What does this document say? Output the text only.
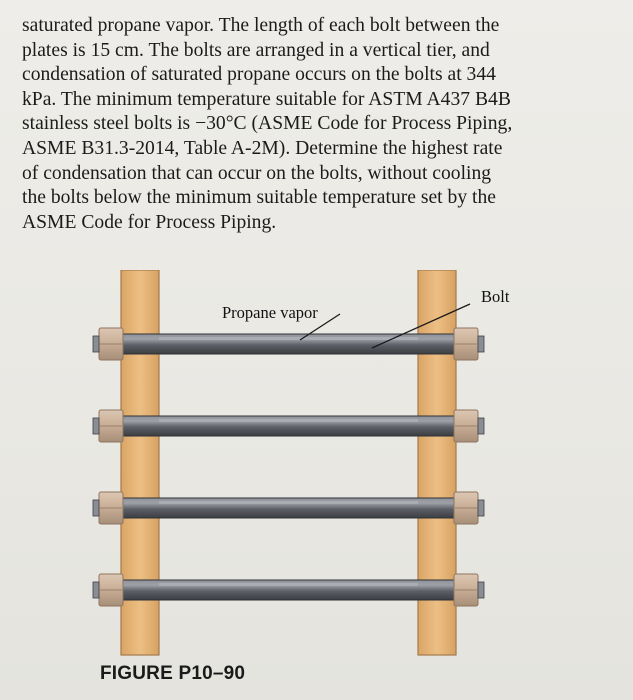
saturated propane vapor. The length of each bolt between the
plates is 15 cm. The bolts are arranged in a vertical tier, and
condensation of saturated propane occurs on the bolts at 344
kPa. The minimum temperature suitable for ASTM A437 B4B
stainless steel bolts is −30°C (ASME Code for Process Piping,
ASME B31.3-2014, Table A-2M). Determine the highest rate
of condensation that can occur on the bolts, without cooling
the bolts below the minimum suitable temperature set by the
ASME Code for Process Piping.
Propane vapor
Bolt
FIGURE P10–90
